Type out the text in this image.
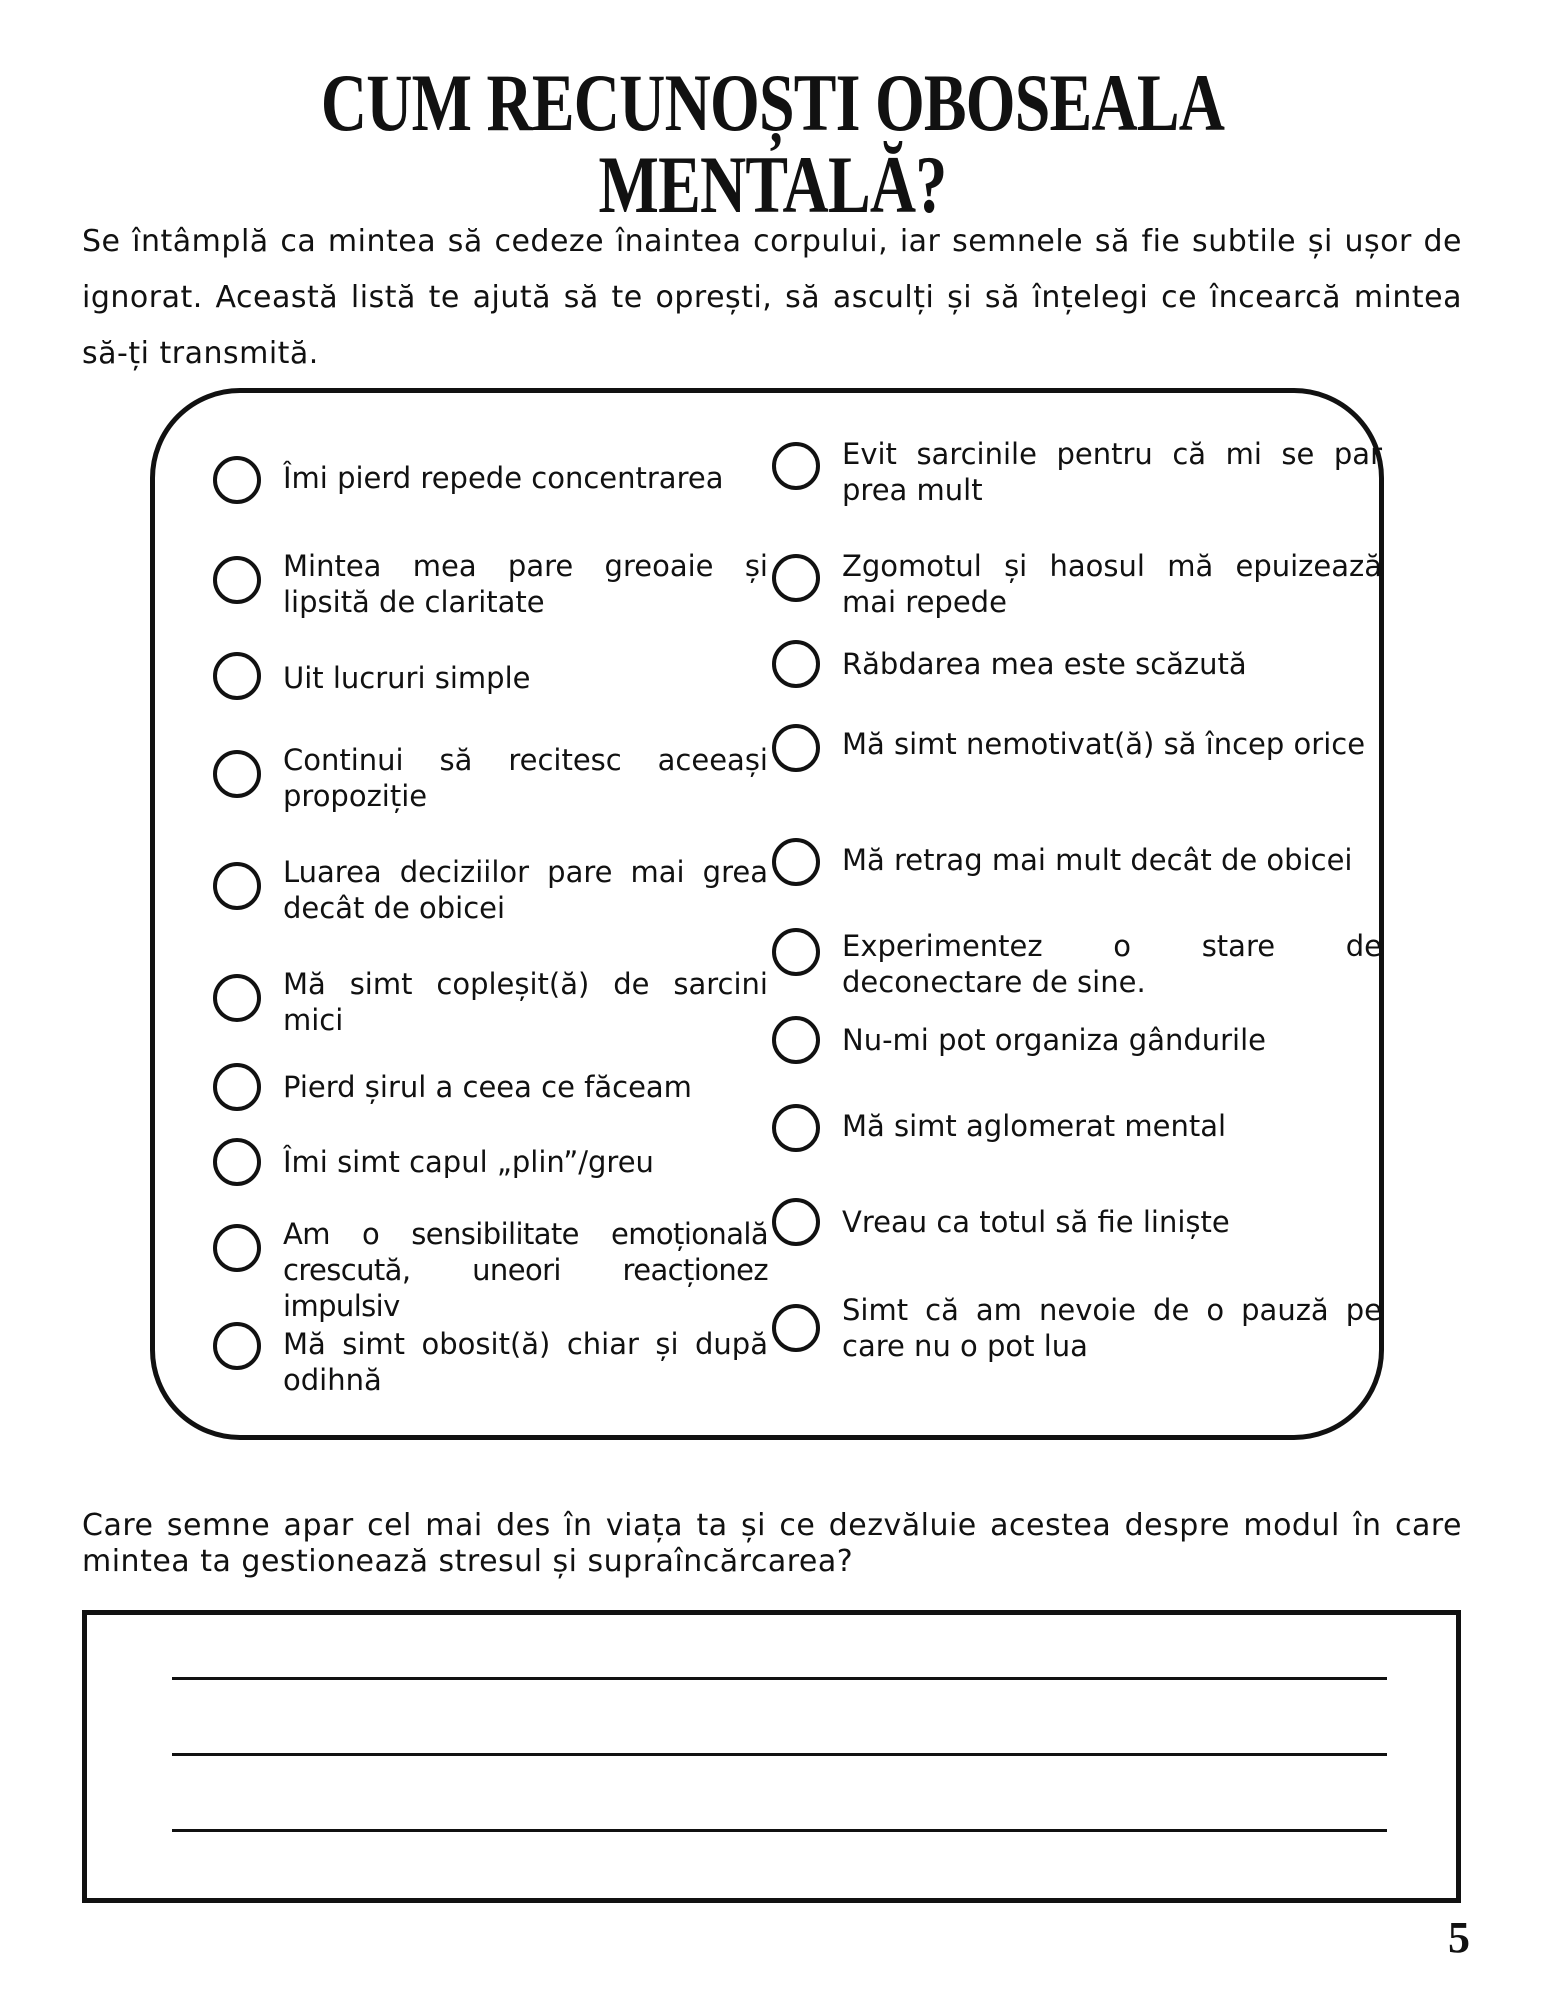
CUM RECUNOȘTI OBOSEALA MENTALĂ?
Se întâmplă ca mintea să cedeze înaintea corpului, iar semnele să fie subtile și ușor de ignorat. Această listă te ajută să te oprești, să asculți și să înțelegi ce încearcă mintea să-ți transmită.
Îmi pierd repede concentrarea
Mintea mea pare greoaie și lipsită de claritate
Uit lucruri simple
Continui să recitesc aceeași propoziție
Luarea deciziilor pare mai grea decât de obicei
Mă simt copleșit(ă) de sarcini mici
Pierd șirul a ceea ce făceam
Îmi simt capul „plin”/greu
Am o sensibilitate emoțională crescută, uneori reacționez impulsiv
Mă simt obosit(ă) chiar și după odihnă
Evit sarcinile pentru că mi se par prea mult
Zgomotul și haosul mă epuizează mai repede
Răbdarea mea este scăzută
Mă simt nemotivat(ă) să încep orice
Mă retrag mai mult decât de obicei
Experimentez o stare de deconectare de sine.
Nu-mi pot organiza gândurile
Mă simt aglomerat mental
Vreau ca totul să fie liniște
Simt că am nevoie de o pauză pe care nu o pot lua
Care semne apar cel mai des în viața ta și ce dezvăluie acestea despre modul în care mintea ta gestionează stresul și supraîncărcarea?
5
